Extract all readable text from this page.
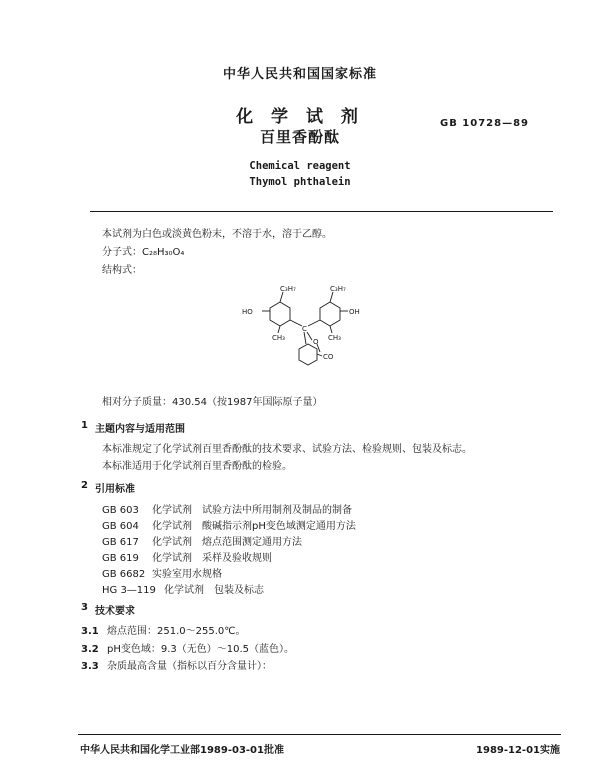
中华人民共和国国家标准
化 学 试 剂
百里香酚酞
GB 10728—89
Chemical reagent
Thymol phthalein
本试剂为白色或淡黄色粉末，不溶于水，溶于乙醇。
分子式：C₂₈H₃₀O₄
结构式：
HO	OH
C₃H₇	C₃H₇
CH₃	CH₃
C
O
CO
相对分子质量：430.54（按1987年国际原子量）
1 主题内容与适用范围
本标准规定了化学试剂百里香酚酞的技术要求、试验方法、检验规则、包装及标志。
本标准适用于化学试剂百里香酚酞的检验。
2 引用标准
GB 603 化学试剂　试验方法中所用制剂及制品的制备
GB 604 化学试剂　酸碱指示剂pH变色域测定通用方法
GB 617 化学试剂　熔点范围测定通用方法
GB 619 化学试剂　采样及验收规则
GB 6682 实验室用水规格
HG 3—119 化学试剂　包装及标志
3 技术要求
3.1 熔点范围：251.0～255.0℃。
3.2 pH变色域：9.3（无色）～10.5（蓝色）。
3.3 杂质最高含量（指标以百分含量计）：
中华人民共和国化学工业部1989-03-01批准	1989-12-01实施
